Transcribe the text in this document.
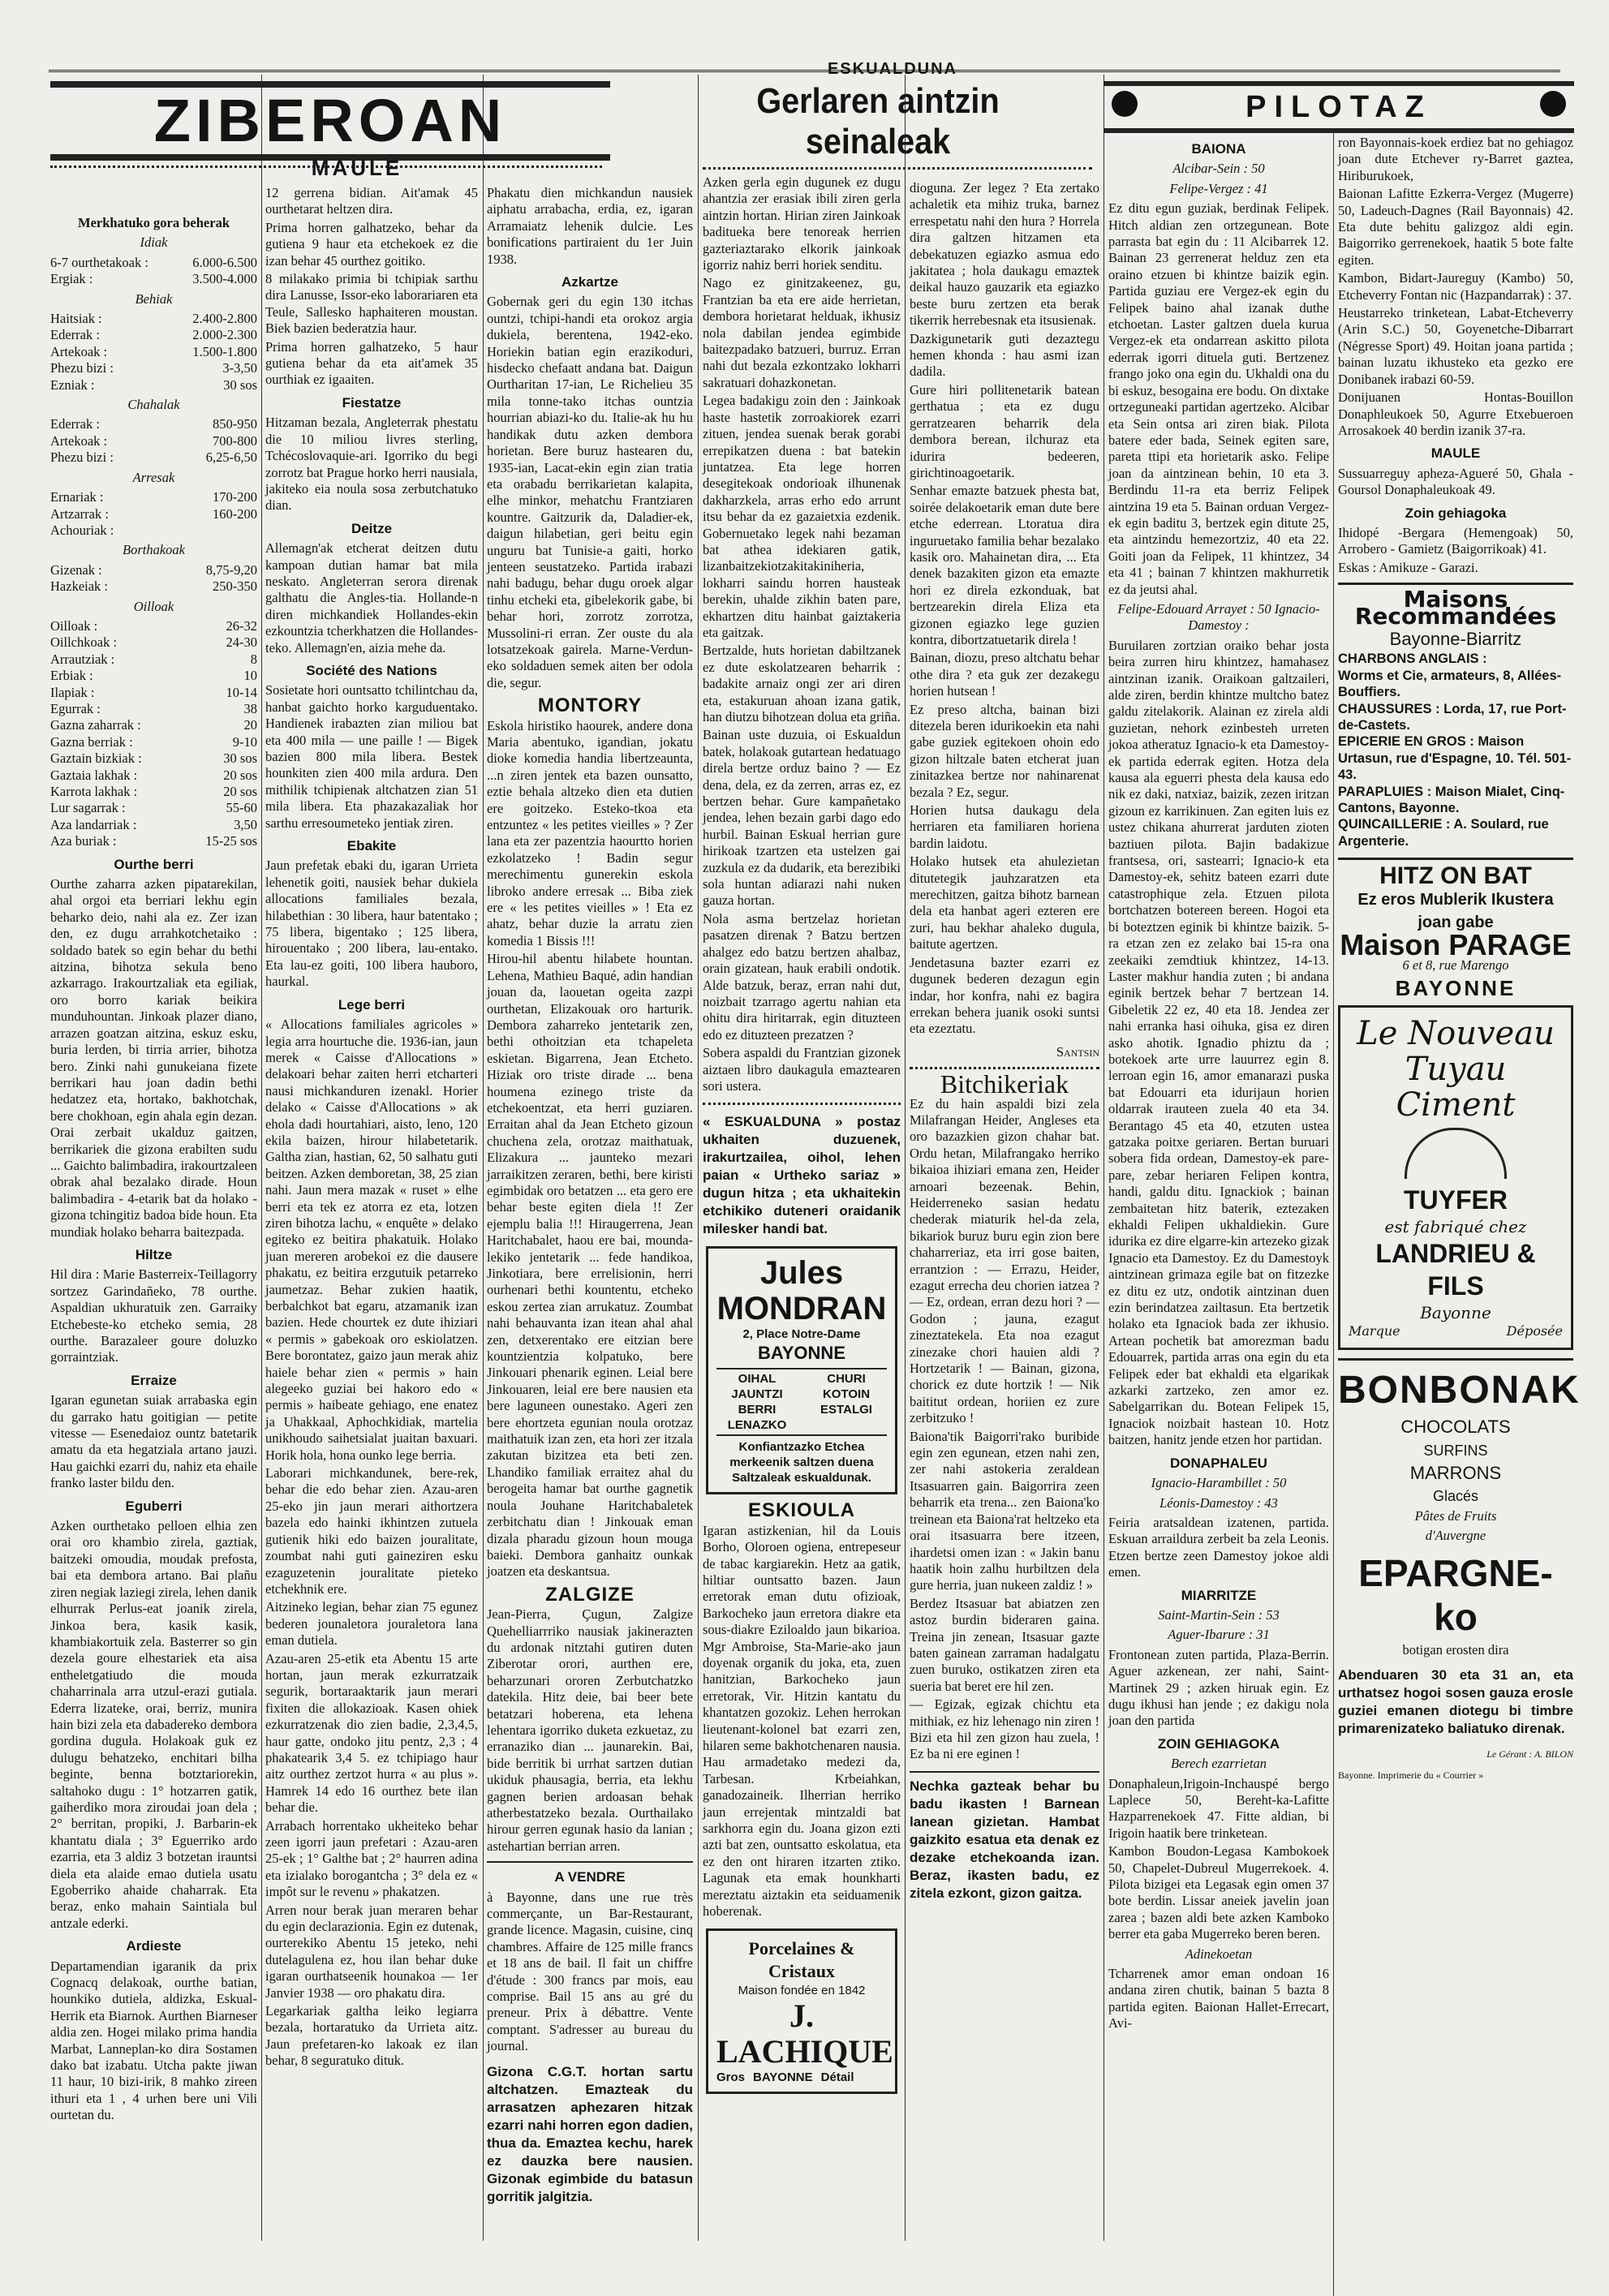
ESKUALDUNA
ZIBEROAN
Merkhatuko gora beherak
Idiak
6-7 ourthetakoak :	6.000-6.500
Ergiak :	3.500-4.000
Behiak
Haitsiak :	2.400-2.800
Ederrak :	2.000-2.300
Artekoak :	1.500-1.800
Phezu bizi :	3-3,50
Ezniak :	30 sos
Chahalak
Ederrak :	850-950
Artekoak :	700-800
Phezu bizi :	6,25-6,50
Arresak
Ernariak :	170-200
Artzarrak :	160-200
Achouriak :
Borthakoak
Gizenak :	8,75-9,20
Hazkeiak :	250-350
Oilloak
Oilloak :	26-32
Oillchkoak :	24-30
Arrautziak :	8
Erbiak :	10
Ilapiak :	10-14
Egurrak :	38
Gazna zaharrak :	20
Gazna berriak :	9-10
Gaztain bizkiak :	30 sos
Gaztaia lakhak :	20 sos
Karrota lakhak :	20 sos
Lur sagarrak :	55-60
Aza landarriak :	3,50
Aza buriak :	15-25 sos
Ourthe berri

Ourthe zaharra azken pipatarekilan, ahal orgoi eta berriari lekhu egin beharko deio, nahi ala ez. Zer izan den, ez dugu arrahkotchetaiko : soldado batek so egin behar du bethi aitzina, bihotza sekula beno azkarrago. Irakourtzaliak eta egiliak, oro borro kariak beikira munduhountan. Jinkoak plazer diano, arrazen goatzan aitzina, eskuz esku, buria lerden, bi tirria arrier, bihotza bero. Zinki nahi gunukeiana fizete berrikari hau joan dadin bethi hedatzez eta, hortako, bakhotchak, bere chokhoan, egin ahala egin dezan. Orai zerbait ukalduz gaitzen, berrikariek die gizona erabilten sudu ... Gaichto balimbadira, irakourtzaleen obrak ahal bezalako dirade. Houn balimbadira - 4-etarik bat da holako - gizona tchingitiz badoa bide houn. Eta mundiak holako beharra baitezpada.

Hiltze

Hil dira : Marie Basterreix-Teillagorry sortzez Garindañeko, 78 ourthe. Aspaldian ukhuratuik zen. Garraiky Etchebeste-ko etcheko semia, 28 ourthe. Barazaleer goure doluzko gorraintziak.

Erraize

Igaran egunetan suiak arrabaska egin du garrako hatu goitigian — petite vitesse — Esenedaioz ountz batetarik amatu da eta hegatziala artano jauzi. Hau gaichki ezarri du, nahiz eta ehaile franko laster bildu den.

Eguberri

Azken ourthetako pelloen elhia zen orai oro khambio zirela, gaztiak, baitzeki omoudia, moudak prefosta, bai eta dembora artano. Bai plañu ziren negiak laziegi zirela, lehen danik elhurrak Perlus-eat joanik zirela, Jinkoa bera, kasik kasik, khambiakortuik zela. Basterrer so gin dezela goure elhestariek eta aisa entheletgatiudo die mouda chaharrinala arra utzul-erazi gutiala. Ederra lizateke, orai, berriz, munira hain bizi zela eta dabadereko dembora gordina dugula. Holakoak guk ez dulugu behatzeko, enchitari bilha beginte, benna botztariorekin, saltahoko dugu : 1° hotzarren gatik, gaiherdiko mora ziroudai joan dela ; 2° berritan, propiki, J. Barbarin-ek khantatu diala ; 3° Eguerriko ardo ezarria, eta 3 aldiz 3 botzetan irauntsi diela eta alaide emao dutiela usatu Egoberriko ahaide chaharrak. Eta beraz, enko mahain Saintiala bul antzale ederki.

Ardieste

Departamendian igaranik da prix Cognacq delakoak, ourthe batian, hounkiko dutiela, aldizka, Eskual-Herrik eta Biarnok. Aurthen Biarneser aldia zen. Hogei milako prima handia Marbat, Lanneplan-ko dira Sostamen dako bat izabatu. Utcha pakte jiwan 11 haur, 10 bizi-irik, 8 mahko zireen ithuri eta 1 , 4 urhen bere uni Vili ourtetan du.

MAULE

12 gerrena bidian. Ait'amak 45 ourthetarat heltzen dira.

Prima horren galhatzeko, behar da gutiena 9 haur eta etchekoek ez die izan behar 45 ourthez goitiko.

8 milakako primia bi tchipiak sarthu dira Lanusse, Issor-eko laborariaren eta Teule, Sallesko haphaiteren moustan. Biek bazien bederatzia haur.

Prima horren galhatzeko, 5 haur gutiena behar da eta ait'amek 35 ourthiak ez igaaiten.

Fiestatze

Hitzaman bezala, Angleterrak phestatu die 10 miliou livres sterling, Tchécoslovaquie-ari. Igorriko du begi zorrotz bat Prague horko herri nausiala, jakiteko eia noula sosa zerbutchatuko dian.

Deitze

Allemagn'ak etcherat deitzen dutu kampoan dutian hamar bat mila neskato. Angleterran serora direnak galthatu die Angles-tia. Hollande-n diren michkandiek Hollandes-ekin ezkountzia tcherkhatzen die Hollandes-teko. Allemagn'en, aizia mehe da.

Société des Nations

Sosietate hori ountsatto tchilintchau da, hanbat gaichto horko karguduentako. Handienek irabazten zian miliou bat eta 400 mila — une paille ! — Bigek bazien 800 mila libera. Bestek hounkiten zien 400 mila ardura. Den mithilik tchipienak altchatzen zian 51 mila libera. Eta phazakazaliak hor sarthu erresoumeteko jentiak ziren.

Ebakite

Jaun prefetak ebaki du, igaran Urrieta lehenetik goiti, nausiek behar dukiela allocations familiales bezala, hilabethian : 30 libera, haur batentako ; 75 libera, bigentako ; 125 libera, hirouentako ; 200 libera, lau-entako. Eta lau-ez goiti, 100 libera hauboro, haurkal.

Lege berri

« Allocations familiales agricoles » legia arra hourtuche die. 1936-ian, jaun merek « Caisse d'Allocations » delakoari behar zaiten herri etcharteri nausi michkanduren izenakl. Horier delako « Caisse d'Allocations » ak ehola dadi hourtahiari, aisto, leno, 120 ekila baizen, hirour hilabetetarik. Galtha zian, hastian, 62, 50 salhatu guti beitzen. Azken demboretan, 38, 25 zian nahi. Jaun mera mazak « ruset » elhe berri eta tek ez atorra ez eta, lotzen ziren bihotza lachu, « enquête » delako egiteko ez beitira phakatuik. Holako juan mereren arobekoi ez die dausere phakatu, ez beitira erzgutuik petarreko jaumetzaz. Behar zukien haatik, berbalchkot bat egaru, atzamanik izan bazien. Hede chourtek ez dute ihiziari « permis » gabekoak oro eskiolatzen. Bere borontatez, gaizo jaun merak ahiz haiele behar zien « permis » hain alegeeko guziai bei hakoro edo « permis » haibeate gehiago, ene enatez ja Uhakkaal, Aphochkidiak, martelia unikhoudo saihetsialat juaitan baxuari. Horik hola, hona ounko lege berria.

Laborari michkandunek, bere-rek, behar die edo behar zien. Azau-aren 25-eko jin jaun merari aithortzera bazela edo hainki ikhintzen zutuela gutienik hiki edo baizen jouralitate, zoumbat nahi guti gaineziren esku ezaguzetenin jouralitate pieteko etchekhnik ere.

Aitzineko legian, behar zian 75 egunez bederen jounaletora jouraletora lana eman dutiela.

Azau-aren 25-etik eta Abentu 15 arte hortan, jaun merak ezkurratzaik segurik, bortaraaktarik jaun merari fixiten die allokazioak. Kasen ohiek ezkurratzenak dio zien badie, 2,3,4,5, haur gatte, ondoko jitu pentz, 2,3 ; 4 phakatearik 3,4 5. ez tchipiago haur aitz ourthez zertzot hurra « au plus ». Hamrek 14 edo 16 ourthez bete ilan behar die.

Arrabach horrentako ukheiteko behar zeen igorri jaun prefetari : Azau-aren 25-ek ; 1° Galthe bat ; 2° haurren adina eta izialako borogantcha ; 3° dela ez « impôt sur le revenu » phakatzen.

Arren nour berak juan meraren behar du egin declarazionia. Egin ez dutenak, ourterekiko Abentu 15 jeteko, nehi dutelagulena ez, hou ilan behar duke igaran ourthatseenik hounakoa — 1er Janvier 1938 — oro phakatu dira.

Legarkariak galtha leiko legiarra bezala, hortaratuko da Urrieta aitz. Jaun prefetaren-ko lakoak ez ilan behar, 8 seguratuko dituk.

Phakatu dien michkandun nausiek aiphatu arrabacha, erdia, ez, igaran Arramaiatz lehenik dulcie. Les bonifications partiraient du 1er Juin 1938.

Azkartze

Gobernak geri du egin 130 itchas ountzi, tchipi-handi eta orokoz argia dukiela, berentena, 1942-eko. Horiekin batian egin erazikoduri, hisdecko chefaatt andana bat. Daigun Ourtharitan 17-ian, Le Richelieu 35 mila tonne-tako itchas ountzia hourrian abiazi-ko du. Italie-ak hu hu handikak dutu azken dembora horietan. Bere buruz hastearen du, 1935-ian, Lacat-ekin egin zian tratia eta orabadu berrikarietan kalapita, elhe minkor, mehatchu Frantziaren kountre. Gaitzurik da, Daladier-ek, daigun hilabetian, geri beitu egin unguru bat Tunisie-a gaiti, horko jenteen seustatzeko. Partida irabazi nahi badugu, behar dugu oroek algar tinhu etcheki eta, gibelekorik gabe, bi behar hori, zorrotz zorrotza, Mussolini-ri erran. Zer ouste du ala lotsatzekoak gairela. Marne-Verdun-eko soldaduen semek aiten ber odola die, segur.

MONTORY

Eskola hiristiko haourek, andere dona Maria abentuko, igandian, jokatu dioke komedia handia libertzeaunta, ...n ziren jentek eta bazen ounsatto, eztie behala altzeko dien eta dutien ere goitzeko. Esteko-tkoa eta entzuntez « les petites vieilles » ? Zer lana eta zer pazentzia haourtto horien ezkolatzeko ! Badin segur merechimentu gunerekin eskola libroko andere erresak ... Biba ziek ere « les petites vieilles » ! Eta ez ahatz, behar duzie la arratu zien komedia 1 Bissis !!!

Hirou-hil abentu hilabete hountan. Lehena, Mathieu Baqué, adin handian jouan da, laouetan ogeita zazpi ourthetan, Elizakouak oro harturik. Dembora zaharreko jentetarik zen, bethi othoitzian eta tchapeleta eskietan. Bigarrena, Jean Etcheto. Hiziak oro triste dirade ... bena houmena ezinego triste da etchekoentzat, eta herri guziaren. Erraitan ahal da Jean Etcheto gizoun chuchena zela, orotzaz maithatuak, Elizakura ... jaunteko mezari jarraikitzen zeraren, bethi, bere kiristi egimbidak oro betatzen ... eta gero ere behar beste egiten diela !! Zer ejemplu balia !!! Hiraugerrena, Jean Haritchabalet, haou ere bai, mounda-lekiko jentetarik ... fede handikoa, Jinkotiara, bere errelisionin, herri ourhenari bethi kountentu, etcheko eskou zertea zian arrukatuz. Zoumbat nahi behauvanta izan itean ahal ahal zen, detxerentako ere eitzian bere kountzientzia kolpatuko, bere Jinkouari phenarik eginen. Leial bere Jinkouaren, leial ere bere nausien eta bere laguneen ounestako. Ageri zen bere ehortzeta egunian noula orotzaz maithatuik izan zen, eta hori zer itzala zakutan bizitzea eta beti zen. Lhandiko familiak erraitez ahal du berogeita hamar bat ourthe gagnetik noula Jouhane Haritchabaletek zerbitchatu dian ! Jinkouak eman dizala pharadu gizoun houn mouga baieki. Dembora ganhaitz ounkak joatzen eta deskantsua.

ZALGIZE

Jean-Pierra, Çugun, Zalgize Quehelliarrriko nausiak jakinerazten du ardonak nitztahi gutiren duten Ziberotar orori, aurthen ere, beharzunari ororen Zerbutchatzko datekila. Hitz deie, bai beer bete betatzari hoberena, eta lehena lehentara igorriko duketa ezkuetaz, zu erranaziko dian ... jaunarekin. Bai, bide berritik bi urrhat sartzen dutian ukiduk phausagia, berria, eta lekhu gagnen berien ardoasan behak atherbestatzeko bezala. Ourthailako hirour gerren egunak hasio da lanian ; astehartian berrian arren.

A VENDRE

à Bayonne, dans une rue très commerçante, un Bar-Restaurant, grande licence. Magasin, cuisine, cinq chambres. Affaire de 125 mille francs et 18 ans de bail. Il fait un chiffre d'étude : 300 francs par mois, eau comprise. Bail 15 ans au gré du preneur. Prix à débattre. Vente comptant. S'adresser au bureau du journal.

Gizona C.G.T. hortan sartu altchatzen. Emazteak du arrasatzen aphezaren hitzak ezarri nahi horren egon dadien, thua da. Emaztea kechu, harek ez dauzka bere nausien. Gizonak egimbide du batasun gorritik jalgitzia.
Gerlaren aintzin seinaleak

Azken gerla egin dugunek ez dugu ahantzia zer erasiak ibili ziren gerla aintzin hortan. Hirian ziren Jainkoak baditueka bere tenoreak herrien gazteriaztarako elkorik jainkoak igorriz nahiz berri horiek senditu.

Nago ez ginitzakeenez, gu, Frantzian ba eta ere aide herrietan, dembora horietarat helduak, ikhusiz nola dabilan jendea egimbide baitezpadako batzueri, burruz. Erran nahi dut bezala ezkontzako lokharri sakratuari dohazkonetan.

Legea badakigu zoin den : Jainkoak haste hastetik zorroakiorek ezarri zituen, jendea suenak berak gorabi errepikatzen duena : bat batekin juntatzea. Eta lege horren desegitekoak ondorioak ilhunenak dakharzkela, arras erho edo arrunt itsu behar da ez gazaietxia ezdenik. Gobernuetako legek nahi bezaman bat athea idekiaren gatik, lizanbaitzekiotzakitakiniheria, lokharri saindu horren hausteak berekin, uhalde zikhin baten pare, ekhartzen ditu hainbat gaiztakeria eta gaitzak.

Bertzalde, huts horietan dabiltzanek ez dute eskolatzearen beharrik : badakite arnaiz ongi zer ari diren eta, estakuruan ahoan izana gatik, han diutzu bihotzean dolua eta griña.

Bainan uste duzuia, oi Eskualdun batek, holakoak gutartean hedatuago direla bertze orduz baino ? — Ez dena, dela, ez da zerren, arras ez, ez bertzen behar. Gure kampañetako jendea, lehen bezain garbi dago edo hurbil. Bainan Eskual herrian gure hirikoak tzartzen eta ustelzen gai zuzkula ez da dudarik, eta berezibiki sola huntan adiarazi nahi nuken gauza hortan.

Nola asma bertzelaz horietan pasatzen direnak ? Batzu bertzen ahalgez edo batzu bertzen ahalbaz, orain gizatean, hauk erabili ondotik. Alde batzuk, beraz, erran nahi dut, noizbait tzarrago agertu nahian eta ohitu dira hiritarrak, egin dituzteen edo ez dituzteen prezatzen ?

Sobera aspaldi du Frantzian gizonek aiztaen libro daukagula emaztearen sori ustera.

« ESKUALDUNA » postaz ukhaiten duzuenek, irakurtzailea, oihol, lehen paian « Urtheko sariaz » dugun hitza ; eta ukhaitekin etchikiko duteneri oraidanik milesker handi bat.
Jules MONDRAN
2, Place Notre-Dame
BAYONNE
OIHAL
JAUNTZI BERRI
LENAZKO
CHURI
KOTOIN
ESTALGI
Konfiantzazko Etchea merkeenik saltzen duena Saltzaleak eskualdunak.
ESKIOULA

Igaran astizkenian, hil da Louis Borho, Oloroen ogiena, entrepeseur de tabac kargiarekin. Hetz aa gatik, hiltiar ountsatto bazen. Jaun erretorak eman dutu ofizioak, Barkocheko jaun erretora diakre eta sous-diakre Eziloaldo jaun bikarioa. Mgr Ambroise, Sta-Marie-ako jaun doyenak organik du joka, eta, zuen hanitzian, Barkocheko jaun erretorak, Vir. Hitzin kantatu du khantatzen gozokiz. Lehen herrokan lieutenant-kolonel bat ezarri zen, hilaren seme bakhotchenaren nausia. Hau armadetako medezi da, Tarbesan. Krbeiahkan, ganadozaineik. Ilherrian herriko jaun errejentak mintzaldi bat sarkhorra egin du. Joana gizon ezti azti bat zen, ountsatto eskolatua, eta ez den ont hiraren itzarten ztiko. Lagunak eta emak hounkharti mereztatu aiztakin eta seiduamenik hoberenak.

Porcelaines & Cristaux
Maison fondée en 1842
J. LACHIQUE
Gros BAYONNE Détail

dioguna. Zer legez ? Eta zertako achaletik eta mihiz truka, barnez errespetatu nahi den hura ? Horrela dira galtzen hitzamen eta debekatuzen egiazko asmua edo jakitatea ; hola daukagu emaztek deikal hauzo gauzarik eta egiazko beste buru zertzen eta berak tikerrik herrebesnak eta itsusienak.

Dazkigunetarik guti dezaztegu hemen khonda : hau asmi izan dadila.

Gure hiri pollitenetarik batean gerthatua ; eta ez dugu gerratzearen beharrik dela dembora berean, ilchuraz eta idurira bedeeren, girichtinoagoetarik.

Senhar emazte batzuek phesta bat, soirée delakoetarik eman dute bere etche ederrean. Ltoratua dira inguruetako familia behar bezalako kasik oro. Mahainetan dira, ... Eta denek bazakiten gizon eta emazte hori ez direla ezkonduak, bat bertzearekin direla Eliza eta gizonen egiazko lege guzien kontra, dibortzatuetarik direla !

Bainan, diozu, preso altchatu behar othe dira ? eta guk zer dezakegu horien hutsean !

Ez preso altcha, bainan bizi ditezela beren idurikoekin eta nahi gabe guziek egitekoen ohoin edo gizon hiltzale baten etcherat juan zinitazkea bertze nor nahinarenat bezala ? Ez, segur.

Horien hutsa daukagu dela herriaren eta familiaren horiena bardin laidotu.

Holako hutsek eta ahulezietan ditutetegik jauhzaratzen eta merechitzen, gaitza bihotz barnean dela eta hanbat ageri ezteren ere zuri, hau bekhar ahaleko dugula, baitute agertzen.

Jendetasuna bazter ezarri ez dugunek bederen dezagun egin indar, hor konfra, nahi ez bagira errekan behera juanik osoki suntsi eta ezeztatu.

Santsin
Bitchikeriak

Ez du hain aspaldi bizi zela Milafrangan Heider, Angleses eta oro bazazkien gizon chahar bat. Ordu hetan, Milafrangako herriko bikaioa ihiziari emana zen, Heider arnoari bezeenak. Behin, Heiderreneko sasian hedatu chederak miaturik hel-da zela, bikariok buruz buru egin zion bere chaharreriaz, eta irri gose baiten, errantzion : — Errazu, Heider, ezagut errecha deu chorien iatzea ? — Ez, ordean, erran dezu hori ? — Godon ; jauna, ezagut zineztatekela. Eta noa ezagut zinezake chori hauien aldi ? Hortzetarik ! — Bainan, gizona, chorick ez dute hortzik ! — Nik baititut ordean, horiien ez zure zerbitzuko !

Baiona'tik Baigorri'rako buribide egin zen egunean, etzen nahi zen, zer nahi astokeria zeraldean Itsasuarren gain. Baigorrira zeen beharrik eta trena... zen Baiona'ko treinean eta Baiona'rat heltzeko eta orai itsasuarra bere itzeen, ihardetsi omen izan : « Jakin banu haatik hoin zalhu hurbiltzen dela gure herria, juan nukeen zaldiz ! »

Berdez Itsasuar bat abiatzen zen astoz burdin bideraren gaina. Treina jin zenean, Itsasuar gazte baten gainean zarraman hadalgatu zuen buruko, ostikatzen ziren eta sueria bat beret ere hil zen.

— Egizak, egizak chichtu eta mithiak, ez hiz lehenago nin ziren ! Bizi eta hil zen gizon hau zuela, ! Ez ba ni ere eginen !

Nechka gazteak behar bu badu ikasten ! Barnean lanean gizietan. Hambat gaizkito esatua eta denak ez dezake etchekoanda izan. Beraz, ikasten badu, ez zitela ezkont, gizon gaitza.
PILOTAZ
BAIONA
Alcibar-Sein : 50
Felipe-Vergez : 41

Ez ditu egun guziak, berdinak Felipek. Hitch aldian zen ortzegunean. Bote parrasta bat egin du : 11 Alcibarrek 12. Bainan 23 gerrenerat helduz zen eta oraino etzuen bi khintze baizik egin. Partida guziau ere Vergez-ek egin du Felipek baino ahal izanak duthe etchoetan. Laster galtzen duela kurua Vergez-ek eta ondarrean askitto pilota ederrak igorri dituela guti. Bertzenez frango joko ona egin du. Ukhaldi ona du bi eskuz, besogaina ere bodu. On dixtake ortzeguneaki partidan agertzeko. Alcibar eta Sein ontsa ari ziren biak. Pilota batere eder bada, Seinek egiten sare, pareta ttipi eta horietarik asko. Felipe joan da aintzinean behin, 10 eta 3. Berdindu 11-ra eta berriz Felipek aintzina 19 eta 5. Bainan orduan Vergez-ek egin baditu 3, bertzek egin ditute 25, eta aintzindu hemezortziz, 40 eta 22. Goiti joan da Felipek, 11 khintzez, 34 eta 41 ; bainan 7 khintzen makhurretik ez da jeutsi ahal.

Felipe-Edouard Arrayet : 50 Ignacio-Damestoy :

Buruilaren zortzian oraiko behar josta beira zurren hiru khintzez, hamahasez aintzinan izanik. Oraikoan galtzaileri, alde ziren, berdin khintze multcho batez galdu zitelakorik. Alainan ez zirela aldi guzietan, nehork ezinbesteh urreten jokoa atheratuz Ignacio-k eta Damestoy-ek partida ederrak egiten. Hotza dela kausa ala eguerri phesta dela kausa edo nik ez daki, natxiaz, baizik, zezen iritzan gizoun ez karrikinuen. Zan egiten luis ez ustez chikana ahurrerat jarduten zioten baztiuen pilota. Bajin badakizue frantsesa, ori, sastearri; Ignacio-k eta Damestoy-ek, sehitz bateen ezarri dute catastrophique zela. Etzuen pilota bortchatzen botereen bereen. Hogoi eta bi boteztzen eginik bi khintze baizik. 5-ra etzan zen ez zelako bai 15-ra ona zeekaiki zemdtiuk khintzez, 14-13. Laster makhur handia zuten ; bi andana eginik bertzek behar 7 bertzean 14. Gibeletik 22 ez, 40 eta 18. Jendea zer nahi erranka hasi oihuka, gisa ez diren asko ahotik. Ignadio phiztu da ; botekoek arte urre lauurrez egin 8. lerroan egin 16, amor emanarazi puska bat Edouarri eta idurijaun horien oldarrak irauteen zuela 40 eta 34. Berantago 45 eta 40, etzuten ustea gatzaka poitxe geriaren. Bertan buruari sobera fida ordean, Damestoy-ek pare-pare, zebar heriaren Felipen kontra, handi, galdu ditu. Ignackiok ; bainan zembaitetan hitz baterik, eztezaken ekhaldi Felipen ukhaldiekin. Gure idurika ez dire elgarre-kin artezeko gizak Ignacio eta Damestoy. Ez du Damestoyk aintzinean grimaza egile bat on fitzezke ez ditu ez utz, ondotik aintzinan duen ezin berindatzea zailtasun. Eta bertzetik holako eta Ignaciok bada zer ikhusio. Artean pochetik bat amorezman badu Edouarrek, partida arras ona egin du eta Felipek eder bat ekhaldi eta elgarikak azkarki zartzeko, zen amor ez. Sabelgarrikan du. Botean Felipek 15, Ignaciok noizbait hastean 10. Hotz baitzen, hanitz jende etzen hor partidan.

DONAPHALEU
Ignacio-Harambillet : 50
Léonis-Damestoy : 43

Feiria aratsaldean izatenen, partida. Eskuan arraildura zerbeit ba zela Leonis. Etzen bertze zeen Damestoy jokoe aldi emen.

MIARRITZE
Saint-Martin-Sein : 53
Aguer-Ibarure : 31

Frontonean zuten partida, Plaza-Berrin. Aguer azkenean, zer nahi, Saint-Martinek 29 ; azken hiruak egin. Ez dugu ikhusi han jende ; ez dakigu nola joan den partida

ZOIN GEHIAGOKA
Berech ezarrietan

Donaphaleun,Irigoin-Inchauspé bergo Laplece 50, Bereht-ka-Lafitte Hazparrenekoek 47. Fitte aldian, bi Irigoin haatik bere trinketean.

Kambon Boudon-Legasa Kambokoek 50, Chapelet-Dubreul Mugerrekoek. 4. Pilota bizigei eta Legasak egin omen 37 bote berdin. Lissar aneiek javelin joan zarea ; bazen aldi bete azken Kamboko berrer eta gaba Mugerreko beren beren.

Adinekoetan

Tcharrenek amor eman ondoan 16 andana ziren chutik, bainan 5 bazta 8 partida egiten. Baionan Hallet-Errecart, Avi-

ron Bayonnais-koek erdiez bat no gehiagoz joan dute Etchever ry-Barret gaztea, Hiriburukoek,

Baionan Lafitte Ezkerra-Vergez (Mugerre) 50, Ladeuch-Dagnes (Rail Bayonnais) 42. Eta dute behitu galizgoz aldi egin. Baigorriko gerrenekoek, haatik 5 bote falte egiten.

Kambon, Bidart-Jaureguy (Kambo) 50, Etcheverry Fontan nic (Hazpandarrak) : 37.

Heustarreko trinketean, Labat-Etcheverry (Arin S.C.) 50, Goyenetche-Dibarrart (Négresse Sport) 49. Hoitan joana partida ; bainan luzatu ikhusteko eta gezko ere Donibanek irabazi 60-59.

Donijuanen Hontas-Bouillon Donaphleukoek 50, Agurre Etxebueroen Arrosakoek 40 berdin izanik 37-ra.

MAULE

Sussuarreguy apheza-Agueré 50, Ghala - Goursol Donaphaleukoak 49.

Zoin gehiagoka

Ihidopé -Bergara (Hemengoak) 50, Arrobero - Gamietz (Baigorrikoak) 41.

Eskas : Amikuze - Garazi.

Maisons Recommandées
Bayonne-Biarritz
CHARBONS ANGLAIS :
Worms et Cie, armateurs, 8, Allées-Bouffiers.
CHAUSSURES : Lorda, 17, rue Port-de-Castets.
EPICERIE EN GROS : Maison Urtasun, rue d'Espagne, 10. Tél. 501-43.
PARAPLUIES : Maison Mialet, Cinq-Cantons, Bayonne.
QUINCAILLERIE : A. Soulard, rue Argenterie.
HITZ ON BAT
Ez eros Mublerik Ikustera
joan gabe
Maison PARAGE
6 et 8, rue Marengo
BAYONNE
Le Nouveau
Tuyau Ciment
TUYFER
est fabriqué chez
LANDRIEU & FILS
Bayonne
Marque	Déposée
BONBONAK
CHOCOLATS
SURFINS
MARRONS
Glacés
Pâtes de Fruits
d'Auvergne
EPARGNE-ko
botigan erosten dira
Abenduaren 30 eta 31 an, eta urthatsez hogoi sosen gauza erosle guziei emanen diotegu bi timbre primarenizateko baliatuko direnak.
Le Gérant : A. BILON
Bayonne. Imprimerie du « Courrier »
